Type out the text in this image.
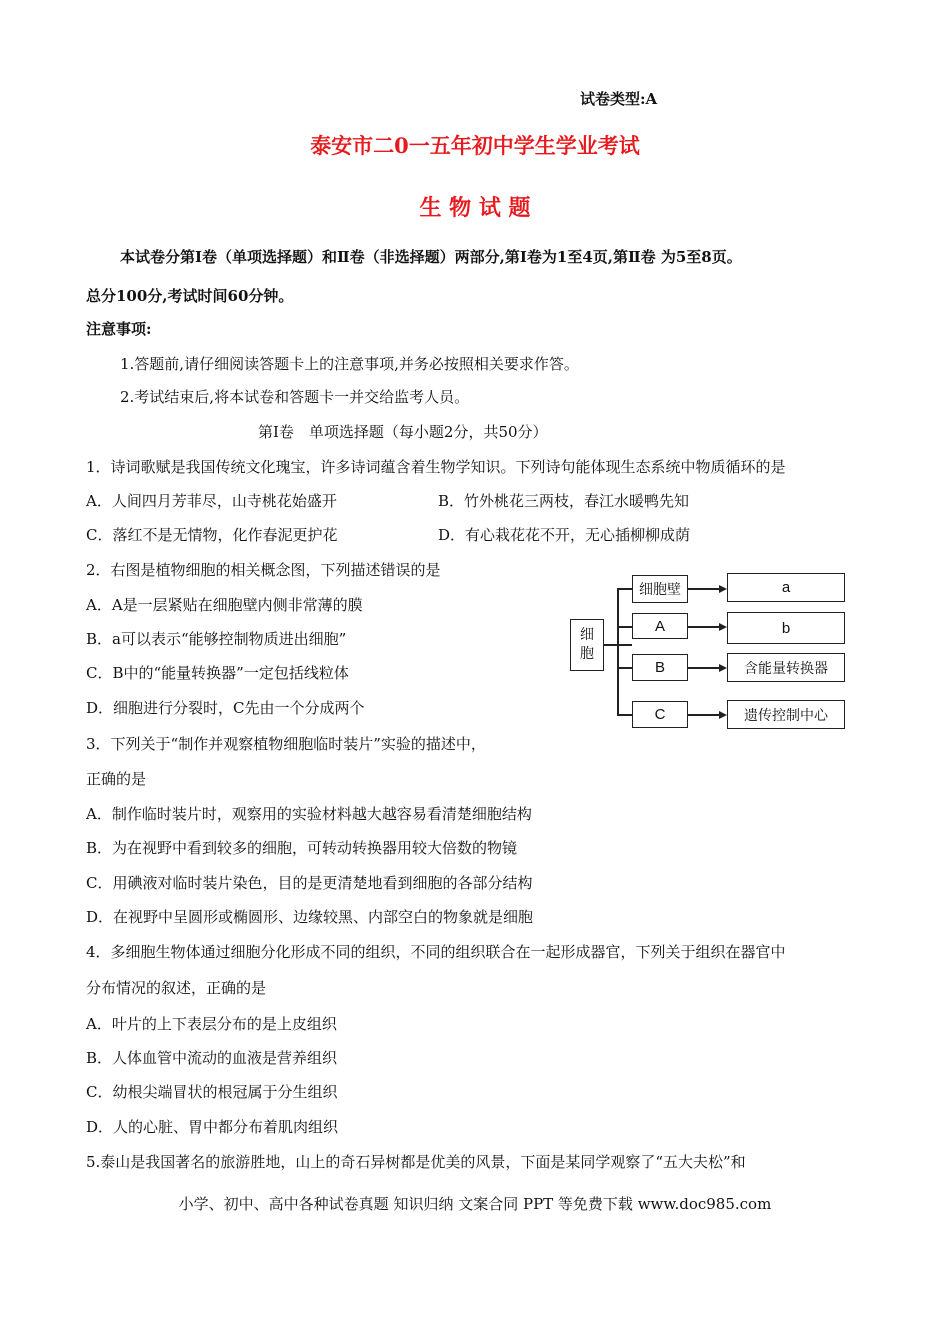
试卷类型:A
泰安市二0一五年初中学生学业考试
生 物 试 题
本试卷分第Ⅰ卷（单项选择题）和Ⅱ卷（非选择题）两部分,第Ⅰ卷为1至4页,第Ⅱ卷 为5至8页。
总分100分,考试时间60分钟。
注意事项:
1.答题前,请仔细阅读答题卡上的注意事项,并务必按照相关要求作答。
2.考试结束后,将本试卷和答题卡一并交给监考人员。
第Ⅰ卷　单项选择题（每小题2分，共50分）
1．诗词歌赋是我国传统文化瑰宝，许多诗词蕴含着生物学知识。下列诗句能体现生态系统中物质循环的是
A．人间四月芳菲尽，山寺桃花始盛开	B．竹外桃花三两枝，春江水暖鸭先知
C．落红不是无情物，化作春泥更护花	D．有心栽花花不开，无心插柳柳成荫
2．右图是植物细胞的相关概念图，下列描述错误的是
A．A是一层紧贴在细胞壁内侧非常薄的膜
B．a可以表示“能够控制物质进出细胞”
C．B中的“能量转换器”一定包括线粒体
D．细胞进行分裂时，C先由一个分成两个
细
胞
细胞壁
A
B
C
a
b
含能量转换器
遗传控制中心
3．下列关于“制作并观察植物细胞临时装片”实验的描述中，
正确的是
A．制作临时装片时，观察用的实验材料越大越容易看清楚细胞结构
B．为在视野中看到较多的细胞，可转动转换器用较大倍数的物镜
C．用碘液对临时装片染色，目的是更清楚地看到细胞的各部分结构
D．在视野中呈圆形或椭圆形、边缘较黑、内部空白的物象就是细胞
4．多细胞生物体通过细胞分化形成不同的组织，不同的组织联合在一起形成器官，下列关于组织在器官中
分布情况的叙述，正确的是
A．叶片的上下表层分布的是上皮组织
B．人体血管中流动的血液是营养组织
C．幼根尖端冒状的根冠属于分生组织
D．人的心脏、胃中都分布着肌肉组织
5.泰山是我国著名的旅游胜地，山上的奇石异树都是优美的风景，下面是某同学观察了“五大夫松”和
小学、初中、高中各种试卷真题 知识归纳 文案合同 PPT 等免费下载 www.doc985.com
